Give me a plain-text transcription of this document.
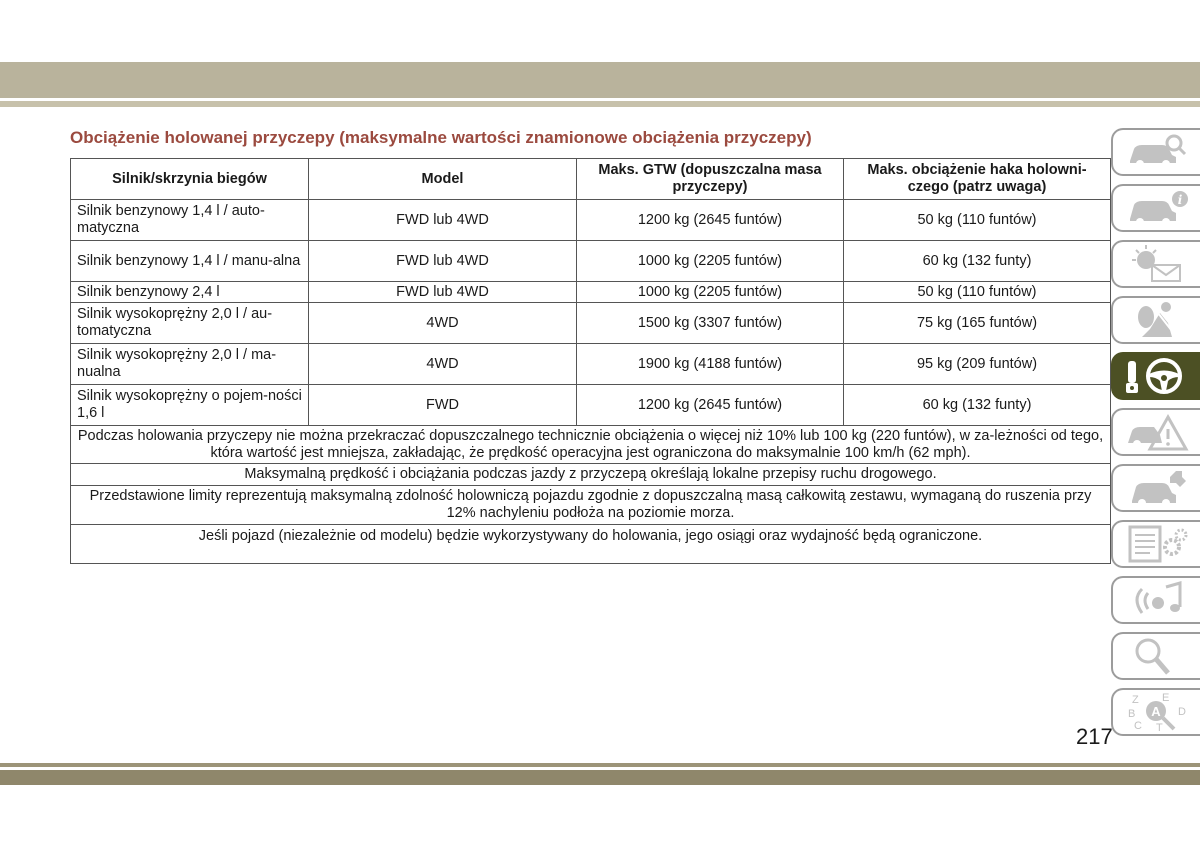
Obciążenie holowanej przyczepy (maksymalne wartości znamionowe obciążenia przyczepy)
Silnik/skrzynia biegów	Model	Maks. GTW (dopuszczalna masa przyczepy)	Maks. obciążenie haka holowni-czego (patrz uwaga)
Silnik benzynowy 1,4 l / auto-matyczna	FWD lub 4WD	1200 kg (2645 funtów)	50 kg (110 funtów)
Silnik benzynowy 1,4 l / manu-alna	FWD lub 4WD	1000 kg (2205 funtów)	60 kg (132 funty)
Silnik benzynowy 2,4 l	FWD lub 4WD	1000 kg (2205 funtów)	50 kg (110 funtów)
Silnik wysokoprężny 2,0 l / au-tomatyczna	4WD	1500 kg (3307 funtów)	75 kg (165 funtów)
Silnik wysokoprężny 2,0 l / ma-nualna	4WD	1900 kg (4188 funtów)	95 kg (209 funtów)
Silnik wysokoprężny o pojem-ności 1,6 l	FWD	1200 kg (2645 funtów)	60 kg (132 funty)
Podczas holowania przyczepy nie można przekraczać dopuszczalnego technicznie obciążenia o więcej niż 10% lub 100 kg (220 funtów), w za-leżności od tego, która wartość jest mniejsza, zakładając, że prędkość operacyjna jest ograniczona do maksymalnie 100 km/h (62 mph).			
Maksymalną prędkość i obciążania podczas jazdy z przyczepą określają lokalne przepisy ruchu drogowego.			
Przedstawione limity reprezentują maksymalną zdolność holowniczą pojazdu zgodnie z dopuszczalną masą całkowitą zestawu, wymaganą do ruszenia przy 12% nachyleniu podłoża na poziomie morza.			
Jeśli pojazd (niezależnie od modelu) będzie wykorzystywany do holowania, jego osiągi oraz wydajność będą ograniczone.			
i
Z E
B
C
D
T
A
217
